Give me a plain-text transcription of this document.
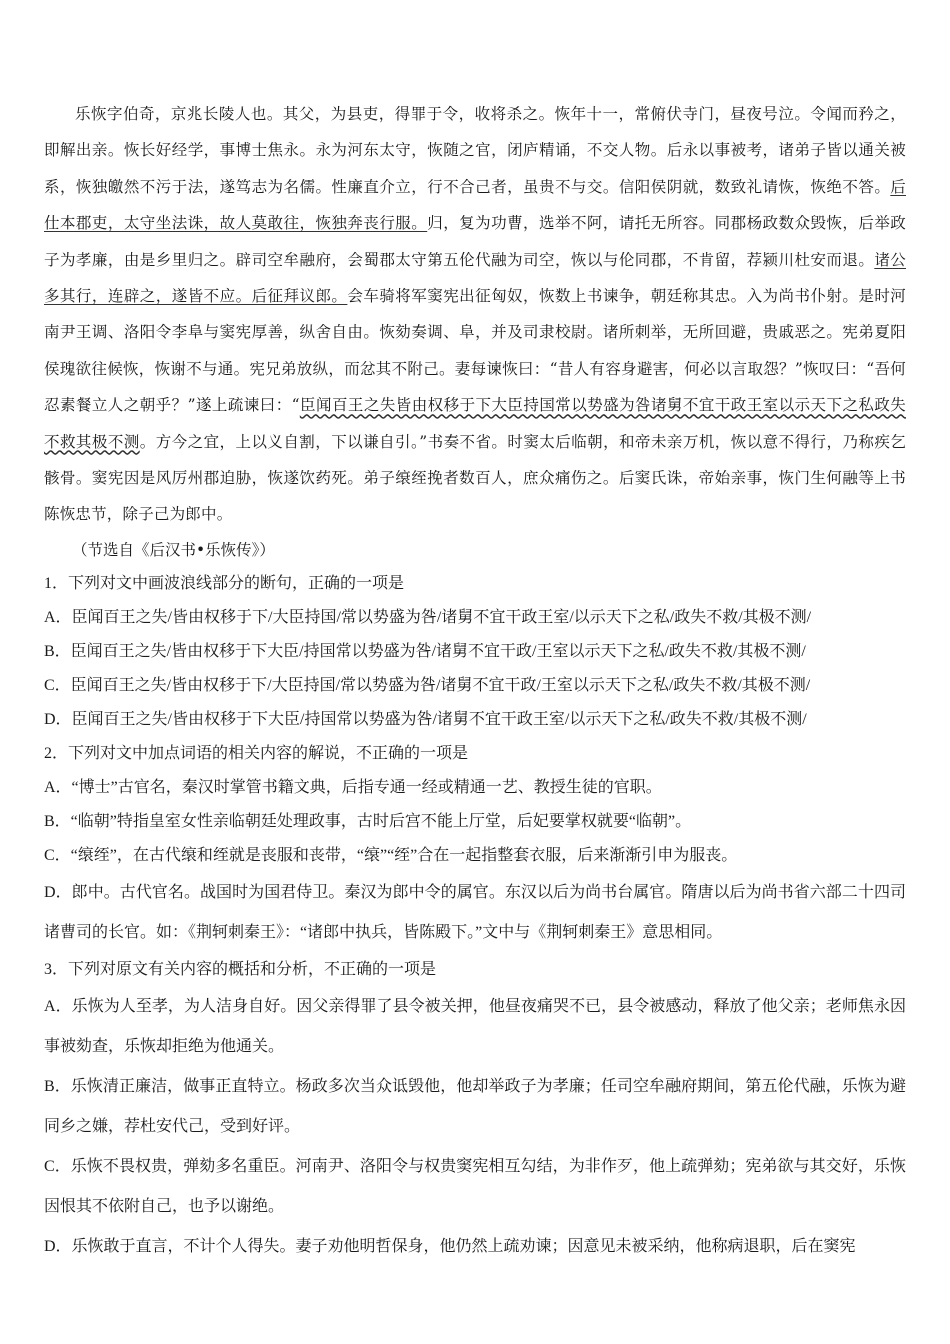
乐恢字伯奇，京兆长陵人也。其父，为县吏，得罪于令，收将杀之。恢年十一，常俯伏寺门，昼夜号泣。令闻而矜之，即解出亲。恢长好经学，事博士焦永。永为河东太守，恢随之官，闭庐精诵，不交人物。后永以事被考，诸弟子皆以通关被系，恢独皦然不污于法，遂笃志为名儒。性廉直介立，行不合己者，虽贵不与交。信阳侯阴就，数致礼请恢，恢绝不答。后仕本郡吏，太守坐法诛，故人莫敢往，恢独奔丧行服。归，复为功曹，选举不阿，请托无所容。同郡杨政数众毁恢，后举政子为孝廉，由是乡里归之。辟司空牟融府，会蜀郡太守第五伦代融为司空，恢以与伦同郡，不肯留，荐颍川杜安而退。诸公多其行，连辟之，遂皆不应。后征拜议郎。会车骑将军窦宪出征匈奴，恢数上书谏争，朝廷称其忠。入为尚书仆射。是时河南尹王调、洛阳令李阜与窦宪厚善，纵舍自由。恢劾奏调、阜，并及司隶校尉。诸所刺举，无所回避，贵戚恶之。宪弟夏阳侯瑰欲往候恢，恢谢不与通。宪兄弟放纵，而忿其不附己。妻每谏恢曰：“昔人有容身避害，何必以言取怨？”恢叹曰：“吾何忍素餐立人之朝乎？”遂上疏谏曰：“臣闻百王之失皆由权移于下大臣持国常以势盛为咎诸舅不宜干政王室以示天下之私政失不救其极不测。方今之宜，上以义自割，下以谦自引。”书奏不省。时窦太后临朝，和帝未亲万机，恢以意不得行，乃称疾乞骸骨。窦宪因是风厉州郡迫胁，恢遂饮药死。弟子缞绖挽者数百人，庶众痛伤之。后窦氏诛，帝始亲事，恢门生何融等上书陈恢忠节，除子己为郎中。

（节选自《后汉书•乐恢传》）

1．下列对文中画波浪线部分的断句，正确的一项是

A．臣闻百王之失/皆由权移于下/大臣持国/常以势盛为咎/诸舅不宜干政王室/以示天下之私/政失不救/其极不测/

B．臣闻百王之失/皆由权移于下大臣/持国常以势盛为咎/诸舅不宜干政/王室以示天下之私/政失不救/其极不测/

C．臣闻百王之失/皆由权移于下/大臣持国/常以势盛为咎/诸舅不宜干政/王室以示天下之私/政失不救/其极不测/

D．臣闻百王之失/皆由权移于下大臣/持国常以势盛为咎/诸舅不宜干政王室/以示天下之私/政失不救/其极不测/

2．下列对文中加点词语的相关内容的解说，不正确的一项是

A．“博士”古官名，秦汉时掌管书籍文典，后指专通一经或精通一艺、教授生徒的官职。

B．“临朝”特指皇室女性亲临朝廷处理政事，古时后宫不能上厅堂，后妃要掌权就要“临朝”。

C．“缞绖”，在古代缞和绖就是丧服和丧带，“缞”“绖”合在一起指整套衣服，后来渐渐引申为服丧。

D．郎中。古代官名。战国时为国君侍卫。秦汉为郎中令的属官。东汉以后为尚书台属官。隋唐以后为尚书省六部二十四司诸曹司的长官。如：《荆轲刺秦王》：“诸郎中执兵，皆陈殿下。”文中与《荆轲刺秦王》意思相同。

3．下列对原文有关内容的概括和分析，不正确的一项是

A．乐恢为人至孝，为人洁身自好。因父亲得罪了县令被关押，他昼夜痛哭不已，县令被感动，释放了他父亲；老师焦永因事被劾查，乐恢却拒绝为他通关。

B．乐恢清正廉洁，做事正直特立。杨政多次当众诋毁他，他却举政子为孝廉；任司空牟融府期间，第五伦代融，乐恢为避同乡之嫌，荐杜安代己，受到好评。

C．乐恢不畏权贵，弹劾多名重臣。河南尹、洛阳令与权贵窦宪相互勾结，为非作歹，他上疏弹劾；宪弟欲与其交好，乐恢因恨其不依附自己，也予以谢绝。

D．乐恢敢于直言，不计个人得失。妻子劝他明哲保身，他仍然上疏劝谏；因意见未被采纳，他称病退职，后在窦宪
